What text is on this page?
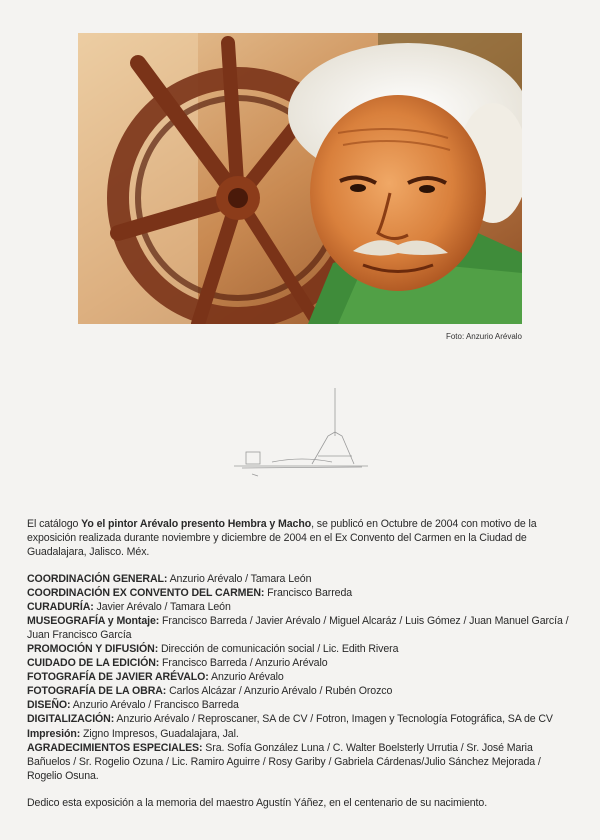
Foto: Anzurio Arévalo

El catálogo Yo el pintor Arévalo presento Hembra y Macho, se publicó en Octubre de 2004 con motivo de la exposición realizada durante noviembre y diciembre de 2004 en el Ex Convento del Carmen en la Ciudad de Guadalajara, Jalisco. Méx.

COORDINACIÓN GENERAL: Anzurio Arévalo / Tamara León

COORDINACIÓN EX CONVENTO DEL CARMEN: Francisco Barreda

CURADURÍA: Javier Arévalo / Tamara León

MUSEOGRAFÍA y Montaje: Francisco Barreda / Javier Arévalo / Miguel Alcaráz / Luis Gómez / Juan Manuel García / Juan Francisco García

PROMOCIÓN Y DIFUSIÓN: Dirección de comunicación social / Lic. Edith Rivera

CUIDADO DE LA EDICIÓN: Francisco Barreda / Anzurio Arévalo

FOTOGRAFÍA DE JAVIER ARÉVALO: Anzurio Arévalo

FOTOGRAFÍA DE LA OBRA: Carlos Alcázar / Anzurio Arévalo / Rubén Orozco

DISEÑO: Anzurio Arévalo / Francisco Barreda

DIGITALIZACIÓN: Anzurio Arévalo / Reproscaner, SA de CV / Fotron, Imagen y Tecnología Fotográfica, SA de CV

Impresión: Zigno Impresos, Guadalajara, Jal.

AGRADECIMIENTOS ESPECIALES: Sra. Sofía González Luna / C. Walter Boelsterly Urrutia / Sr. José Maria Bañuelos / Sr. Rogelio Ozuna / Lic. Ramiro Aguirre / Rosy Gariby / Gabriela Cárdenas/Julio Sánchez Mejorada / Rogelio Osuna.

Dedico esta exposición a la memoria del maestro Agustín Yáñez, en el centenario de su nacimiento.
